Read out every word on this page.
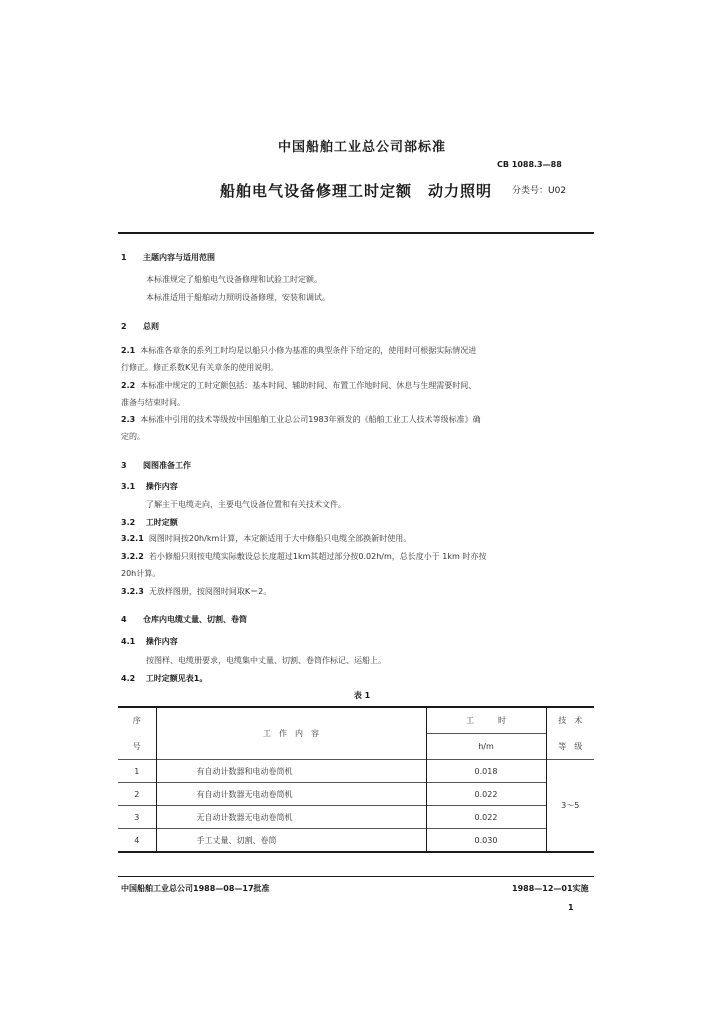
中国船舶工业总公司部标准
CB 1088.3—88
船舶电气设备修理工时定额　动力照明 分类号：U02
1 主题内容与适用范围
本标准规定了船舶电气设备修理和试验工时定额。
本标准适用于船舶动力照明设备修理，安装和调试。
2 总则
2.1 本标准各章条的系列工时均是以船只小修为基准的典型条件下给定的，使用时可根据实际情况进
行修正。修正系数K见有关章条的使用说明。
2.2 本标准中规定的工时定额包括：基本时间、辅助时间、布置工作地时间、休息与生理需要时间、
准备与结束时间。
2.3 本标准中引用的技术等级按中国船舶工业总公司1983年颁发的《船舶工业工人技术等级标准》确
定的。
3 阅图准备工作
3.1 操作内容
了解主干电缆走向，主要电气设备位置和有关技术文件。
3.2 工时定额
3.2.1 阅图时间按20h/km计算，本定额适用于大中修船只电缆全部换新时使用。
3.2.2 若小修船只则按电缆实际敷设总长度超过1km其超过部分按0.02h/m，总长度小于 1km 时亦按
20h计算。
3.2.3 无放样图册，按阅图时间取K＝2。
4 仓库内电缆丈量、切割、卷筒
4.1 操作内容
按图样、电缆册要求，电缆集中丈量、切割、卷筒作标记、运船上。
4.2 工时定额见表1。
表 1
序	工　作　内　容	工　　　时	技　术
号		h/m	等　级
1	有自动计数器和电动卷筒机	0.018	3～5
2	有自动计数器无电动卷筒机	0.022	
3	无自动计数器无电动卷筒机	0.022	
4	手工丈量、切割、卷筒	0.030	
中国船舶工业总公司1988—08—17批准	1988—12—01实施
1
